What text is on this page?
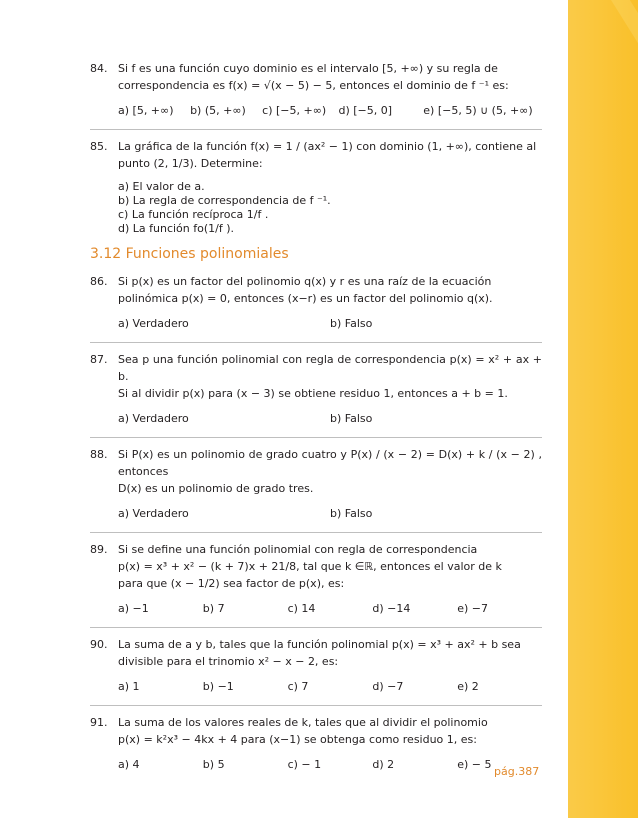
84. Si f es una función cuyo dominio es el intervalo [5, +∞) y su regla de
correspondencia es f(x) = √(x − 5) − 5, entonces el dominio de f ⁻¹ es:
a) [5, +∞)	b) (5, +∞)	c) [−5, +∞)	d) [−5, 0]	e) [−5, 5) ∪ (5, +∞)
85. La gráfica de la función f(x) = 1 / (ax² − 1) con dominio (1, +∞), contiene al
punto (2, 1/3). Determine:
a) El valor de a.
b) La regla de correspondencia de f ⁻¹.
c) La función recíproca 1/f .
d) La función fo(1/f ).
3.12 Funciones polinomiales
86. Si p(x) es un factor del polinomio q(x) y r es una raíz de la ecuación
polinómica p(x) = 0, entonces (x−r) es un factor del polinomio q(x).
a) Verdadero	b) Falso
87. Sea p una función polinomial con regla de correspondencia p(x) = x² + ax + b.
Si al dividir p(x) para (x − 3) se obtiene residuo 1, entonces a + b = 1.
a) Verdadero	b) Falso
88. Si P(x) es un polinomio de grado cuatro y P(x) / (x − 2) = D(x) + k / (x − 2) , entonces
D(x) es un polinomio de grado tres.
a) Verdadero	b) Falso
89. Si se define una función polinomial con regla de correspondencia
p(x) = x³ + x² − (k + 7)x + 21/8, tal que k ∈ℝ, entonces el valor de k
para que (x − 1/2) sea factor de p(x), es:
a) −1	b) 7	c) 14	d) −14	e) −7
90. La suma de a y b, tales que la función polinomial p(x) = x³ + ax² + b sea
divisible para el trinomio x² − x − 2, es:
a) 1	b) −1	c) 7	d) −7	e) 2
91. La suma de los valores reales de k, tales que al dividir el polinomio
p(x) = k²x³ − 4kx + 4 para (x−1) se obtenga como residuo 1, es:
a) 4	b) 5	c) − 1	d) 2	e) − 5
pág.387
